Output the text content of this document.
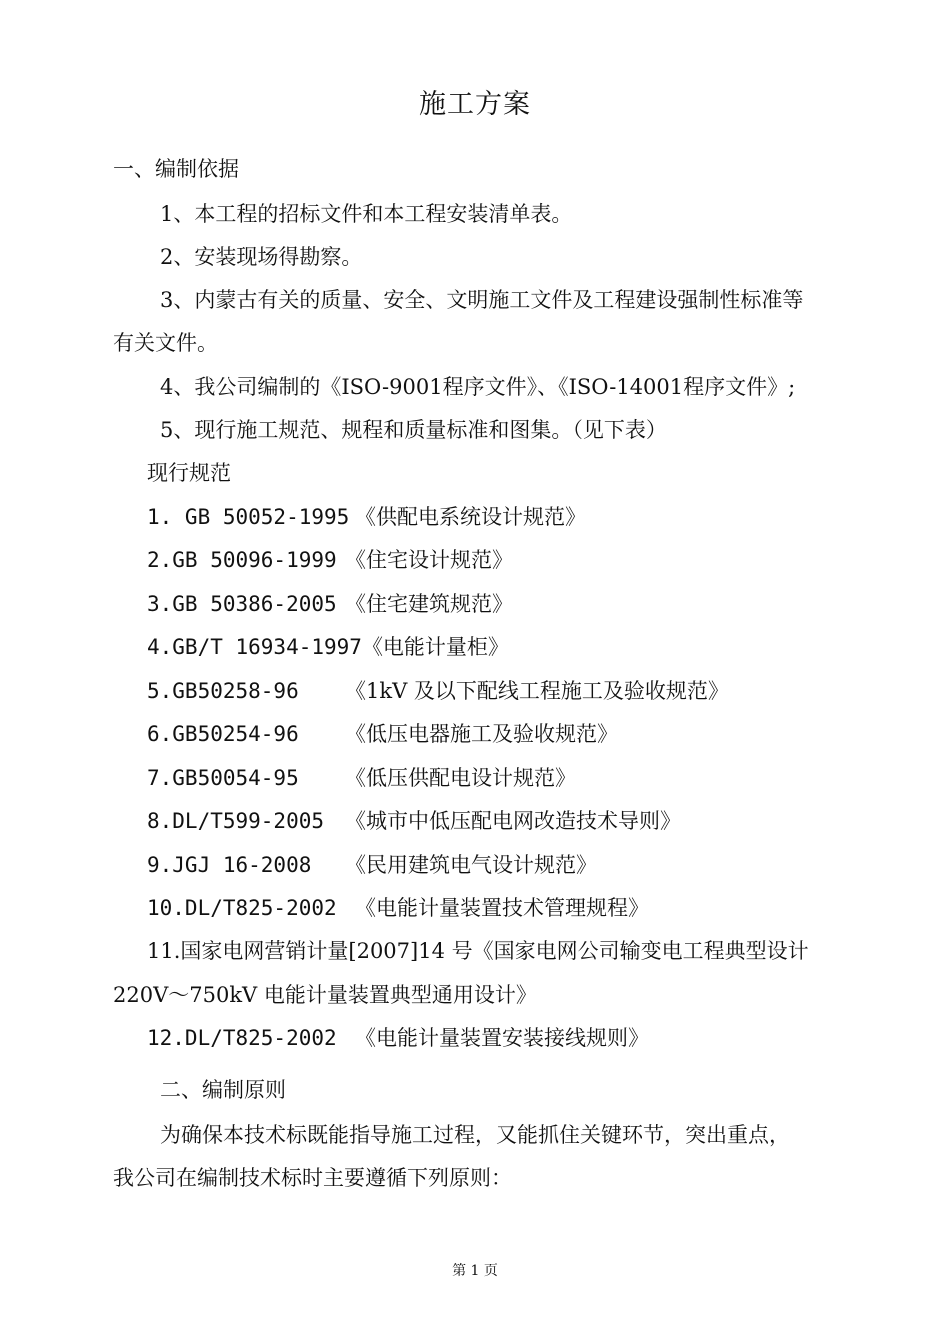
施工方案
一、编制依据
1、本工程的招标文件和本工程安装清单表。
2、安装现场得勘察。
3、内蒙古有关的质量、安全、文明施工文件及工程建设强制性标准等
有关文件。
4、我公司编制的《ISO-9001程序文件》、《ISO-14001程序文件》;
5、现行施工规范、规程和质量标准和图集。（见下表）
现行规范
1. GB 50052-1995 《供配电系统设计规范》
2.GB 50096-1999 《住宅设计规范》
3.GB 50386-2005 《住宅建筑规范》
4.GB/T 16934-1997《电能计量柜》
5.GB50258-96 《1kV 及以下配线工程施工及验收规范》
6.GB50254-96 《低压电器施工及验收规范》
7.GB50054-95 《低压供配电设计规范》
8.DL/T599-2005 《城市中低压配电网改造技术导则》
9.JGJ 16-2008 《民用建筑电气设计规范》
10.DL/T825-2002 《电能计量装置技术管理规程》
11.国家电网营销计量[2007]14 号《国家电网公司输变电工程典型设计
220V～750kV 电能计量装置典型通用设计》
12.DL/T825-2002 《电能计量装置安装接线规则》
二、编制原则
为确保本技术标既能指导施工过程，又能抓住关键环节，突出重点，
我公司在编制技术标时主要遵循下列原则：
第 1 页
